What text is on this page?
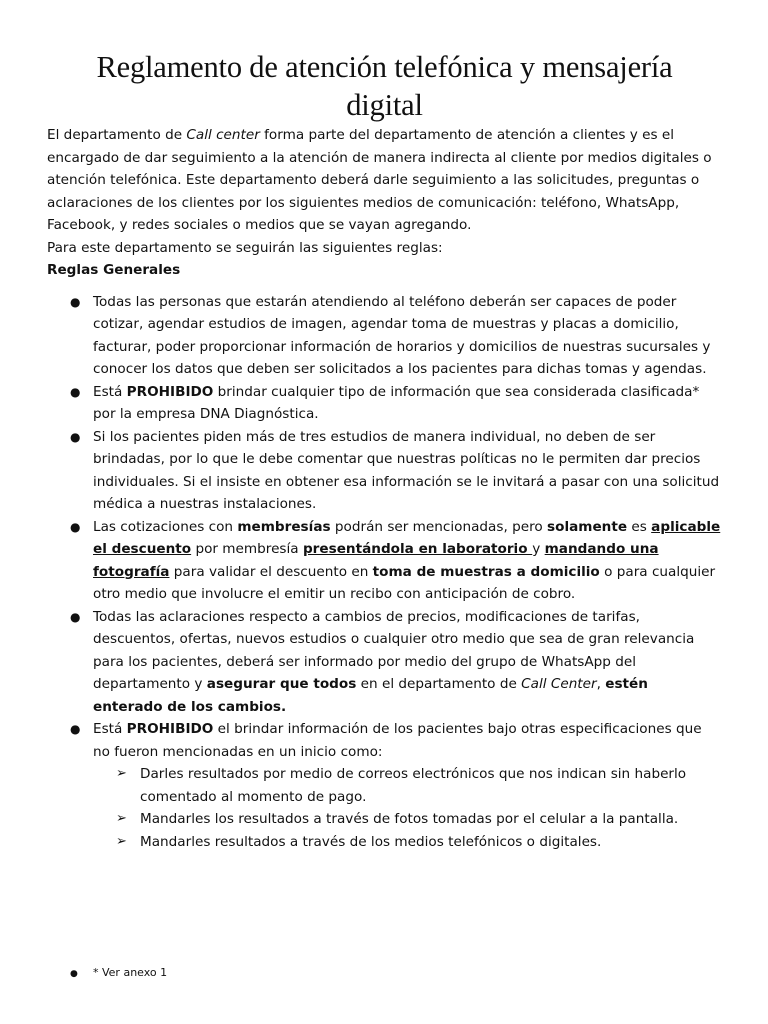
Reglamento de atención telefónica y mensajería
digital

El departamento de Call center forma parte del departamento de atención a clientes y es el encargado de dar seguimiento a la atención de manera indirecta al cliente por medios digitales o atención telefónica. Este departamento deberá darle seguimiento a las solicitudes, preguntas o aclaraciones de los clientes por los siguientes medios de comunicación: teléfono, WhatsApp, Facebook, y redes sociales o medios que se vayan agregando.

Para este departamento se seguirán las siguientes reglas:

Reglas Generales

● Todas las personas que estarán atendiendo al teléfono deberán ser capaces de poder cotizar, agendar estudios de imagen, agendar toma de muestras y placas a domicilio, facturar, poder proporcionar información de horarios y domicilios de nuestras sucursales y conocer los datos que deben ser solicitados a los pacientes para dichas tomas y agendas.
● Está PROHIBIDO brindar cualquier tipo de información que sea considerada clasificada* por la empresa DNA Diagnóstica.
● Si los pacientes piden más de tres estudios de manera individual, no deben de ser brindadas, por lo que le debe comentar que nuestras políticas no le permiten dar precios individuales. Si el insiste en obtener esa información se le invitará a pasar con una solicitud médica a nuestras instalaciones.
● Las cotizaciones con membresías podrán ser mencionadas, pero solamente es aplicable el descuento por membresía presentándola en laboratorio y mandando una fotografía para validar el descuento en toma de muestras a domicilio o para cualquier otro medio que involucre el emitir un recibo con anticipación de cobro.
● Todas las aclaraciones respecto a cambios de precios, modificaciones de tarifas, descuentos, ofertas, nuevos estudios o cualquier otro medio que sea de gran relevancia para los pacientes, deberá ser informado por medio del grupo de WhatsApp del departamento y asegurar que todos en el departamento de Call Center, estén enterado de los cambios.
● Está PROHIBIDO el brindar información de los pacientes bajo otras especificaciones que no fueron mencionadas en un inicio como:
➢ Darles resultados por medio de correos electrónicos que nos indican sin haberlo comentado al momento de pago.
➢ Mandarles los resultados a través de fotos tomadas por el celular a la pantalla.
➢ Mandarles resultados a través de los medios telefónicos o digitales.
● * Ver anexo 1
